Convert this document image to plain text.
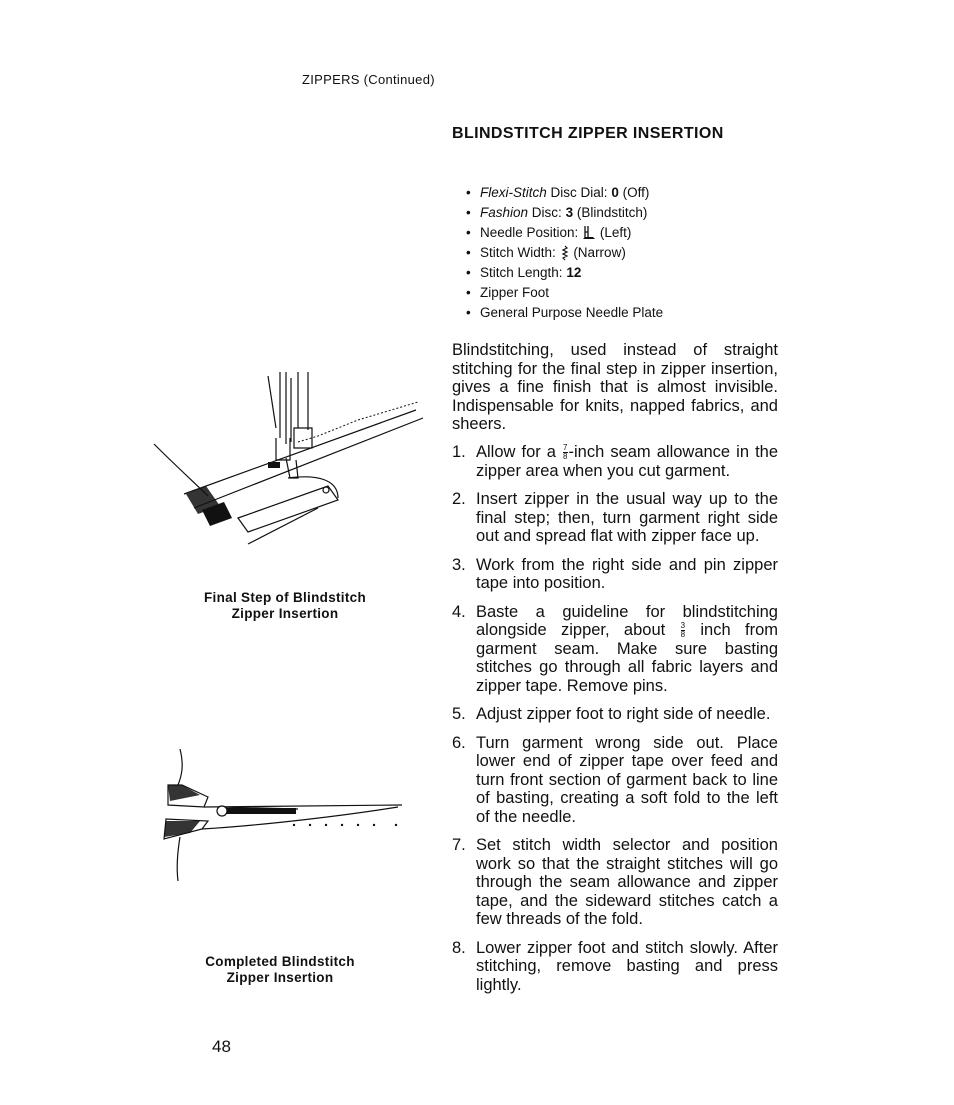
ZIPPERS (Continued)
BLINDSTITCH ZIPPER INSERTION
• Flexi-Stitch Disc Dial: 0 (Off)
• Fashion Disc: 3 (Blindstitch)
• Needle Position: (Left)
• Stitch Width: (Narrow)
• Stitch Length: 12
• Zipper Foot
• General Purpose Needle Plate
Blindstitching, used instead of straight stitching for the final step in zipper insertion, gives a fine finish that is almost invisible. Indispensable for knits, napped fabrics, and sheers.
1. Allow for a $\frac{7}{8}$ -inch seam allowance in the zipper area when you cut garment.
2. Insert zipper in the usual way up to the final step; then, turn garment right side out and spread flat with zipper face up.
3. Work from the right side and pin zipper tape into position.
4. Baste a guideline for blindstitching alongside zipper, about $\frac{3}{8}$ inch from garment seam. Make sure basting stitches go through all fabric layers and zipper tape. Remove pins.
5. Adjust zipper foot to right side of needle.
6. Turn garment wrong side out. Place lower end of zipper tape over feed and turn front section of garment back to line of basting, creating a soft fold to the left of the needle.
7. Set stitch width selector and position work so that the straight stitches will go through the seam allowance and zipper tape, and the sideward stitches catch a few threads of the fold.
8. Lower zipper foot and stitch slowly. After stitching, remove basting and press lightly.
Final Step of Blindstitch
Zipper Insertion
Completed Blindstitch
Zipper Insertion
48
